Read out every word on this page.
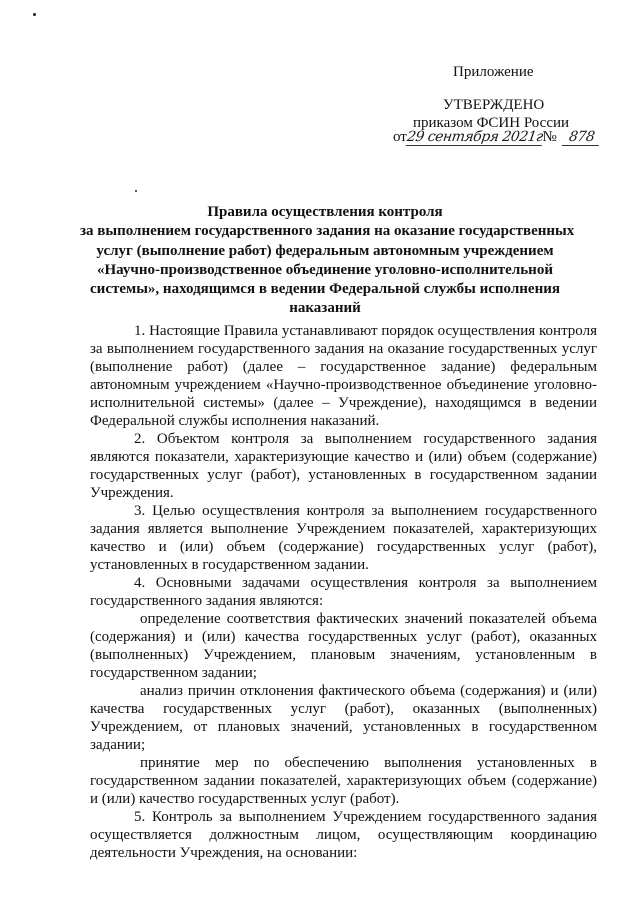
Приложение
УТВЕРЖДЕНО
приказом ФСИН России
от29 сентября 2021г№ 878
Правила осуществления контроля
за выполнением государственного задания на оказание государственных
услуг (выполнение работ) федеральным автономным учреждением
«Научно-производственное объединение уголовно-исполнительной
системы», находящимся в ведении Федеральной службы исполнения
наказаний

1. Настоящие Правила устанавливают порядок осуществления контроля за выполнением государственного задания на оказание государственных услуг (выполнение работ) (далее – государственное задание) федеральным автономным учреждением «Научно-производственное объединение уголовно-исполнительной системы» (далее – Учреждение), находящимся в ведении Федеральной службы исполнения наказаний.

2. Объектом контроля за выполнением государственного задания являются показатели, характеризующие качество и (или) объем (содержание) государственных услуг (работ), установленных в государственном задании Учреждения.

3. Целью осуществления контроля за выполнением государственного задания является выполнение Учреждением показателей, характеризующих качество и (или) объем (содержание) государственных услуг (работ), установленных в государственном задании.

4. Основными задачами осуществления контроля за выполнением государственного задания являются:

определение соответствия фактических значений показателей объема (содержания) и (или) качества государственных услуг (работ), оказанных (выполненных) Учреждением, плановым значениям, установленным в государственном задании;

анализ причин отклонения фактического объема (содержания) и (или) качества государственных услуг (работ), оказанных (выполненных) Учреждением, от плановых значений, установленных в государственном задании;

принятие мер по обеспечению выполнения установленных в государственном задании показателей, характеризующих объем (содержание) и (или) качество государственных услуг (работ).

5. Контроль за выполнением Учреждением государственного задания осуществляется должностным лицом, осуществляющим координацию деятельности Учреждения, на основании:
